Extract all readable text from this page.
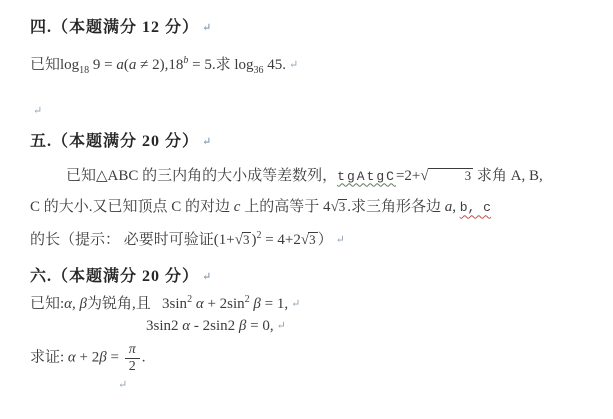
四.（本题满分 12 分） ↵
已知$\log_{18} 9 = a(a \ne 2),18^b = 5$.求 $\log_{36} 45$. ↵
↵
五.（本题满分 20 分） ↵
已知△ABC 的三内角的大小成等差数列，tgAtgC=2+√	3 求角 A, B,
C 的大小.又已知顶点 C 的对边 c 上的高等于 4√3 .求三角形各边 a, b, c
的长（提示： 必要时可验证(1+√3 )$^2$ = 4+2√3 ） ↵
六.（本题满分 20 分） ↵
已知:α, β为锐角,且   $3\sin^2$ $\alpha + 2\sin^2$ β = 1, ↵
3sin2 α - 2sin2 β = 0, ↵
求证: $\alpha + 2\beta = \frac{\pi}{2}$ .
↵
